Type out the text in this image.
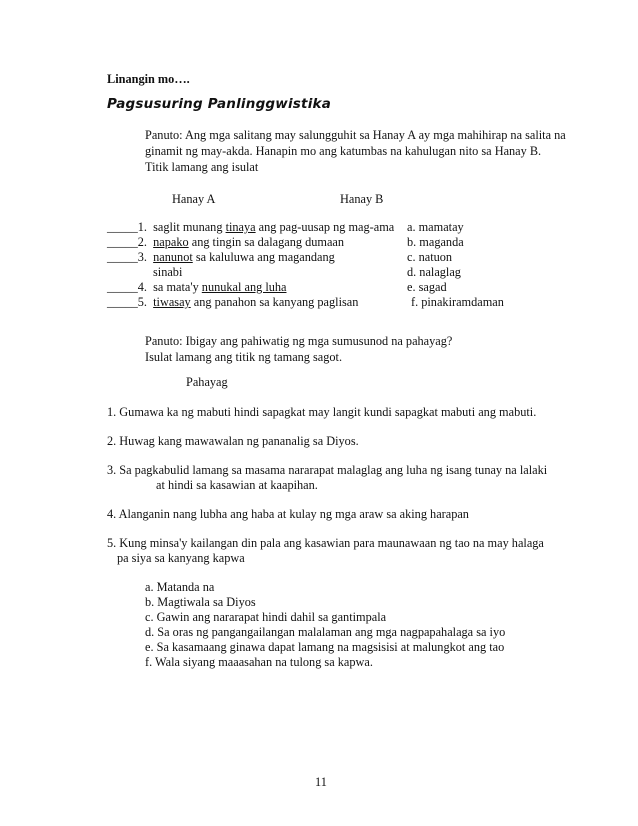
Linangin mo….
Pagsusuring Panlinggwistika
Panuto: Ang mga salitang may salungguhit sa Hanay A ay mga mahihirap na salita na
ginamit ng may-akda. Hanapin mo ang katumbas na kahulugan nito sa Hanay B.
Titik lamang ang isulat
Hanay A	Hanay B
_____1. saglit munang tinaya ang pag-uusap ng mag-ama a. mamatay
_____2. napako ang tingin sa dalagang dumaan	b. maganda
_____3. nanunot sa kaluluwa ang magandang	c. natuon
sinabi	d. nalaglag
_____4. sa mata'y nunukal ang luha	e. sagad
_____5. tiwasay ang panahon sa kanyang paglisan	f. pinakiramdaman
Panuto: Ibigay ang pahiwatig ng mga sumusunod na pahayag?
Isulat lamang ang titik ng tamang sagot.
Pahayag
1. Gumawa ka ng mabuti hindi sapagkat may langit kundi sapagkat mabuti ang mabuti.
2. Huwag kang mawawalan ng pananalig sa Diyos.
3. Sa pagkabulid lamang sa masama nararapat malaglag ang luha ng isang tunay na lalaki
at hindi sa kasawian at kaapihan.
4. Alanganin nang lubha ang haba at kulay ng mga araw sa aking harapan
5. Kung minsa'y kailangan din pala ang kasawian para maunawaan ng tao na may halaga
pa siya sa kanyang kapwa
a. Matanda na
b. Magtiwala sa Diyos
c. Gawin ang nararapat hindi dahil sa gantimpala
d. Sa oras ng pangangailangan malalaman ang mga nagpapahalaga sa iyo
e. Sa kasamaang ginawa dapat lamang na magsisisi at malungkot ang tao
f. Wala siyang maaasahan na tulong sa kapwa.
11
